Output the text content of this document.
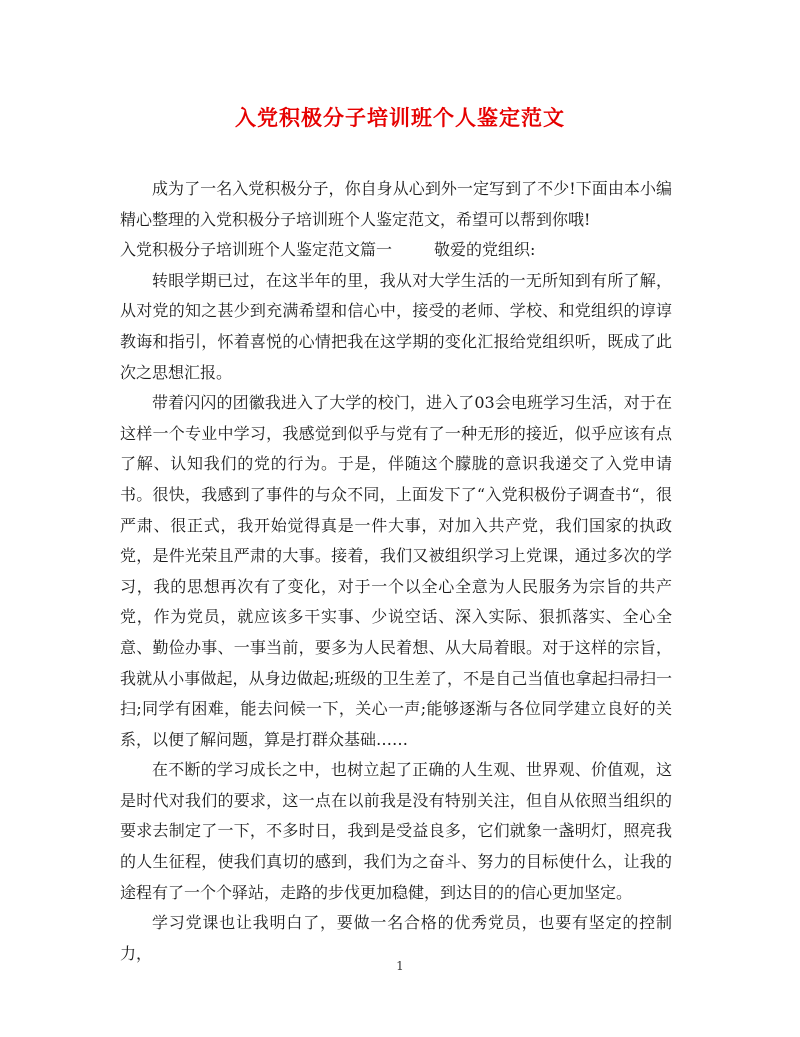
入党积极分子培训班个人鉴定范文

成为了一名入党积极分子，你自身从心到外一定写到了不少!下面由本小编精心整理的入党积极分子培训班个人鉴定范文，希望可以帮到你哦!

入党积极分子培训班个人鉴定范文篇一	敬爱的党组织:

转眼学期已过，在这半年的里，我从对大学生活的一无所知到有所了解，从对党的知之甚少到充满希望和信心中，接受的老师、学校、和党组织的谆谆教诲和指引，怀着喜悦的心情把我在这学期的变化汇报给党组织听，既成了此次之思想汇报。

带着闪闪的团徽我进入了大学的校门，进入了03会电班学习生活，对于在这样一个专业中学习，我感觉到似乎与党有了一种无形的接近，似乎应该有点了解、认知我们的党的行为。于是，伴随这个朦胧的意识我递交了入党申请书。很快，我感到了事件的与众不同，上面发下了“入党积极份子调查书“，很严肃、很正式，我开始觉得真是一件大事，对加入共产党，我们国家的执政党，是件光荣且严肃的大事。接着，我们又被组织学习上党课，通过多次的学习，我的思想再次有了变化，对于一个以全心全意为人民服务为宗旨的共产党，作为党员，就应该多干实事、少说空话、深入实际、狠抓落实、全心全意、勤俭办事、一事当前，要多为人民着想、从大局着眼。对于这样的宗旨，我就从小事做起，从身边做起;班级的卫生差了，不是自己当值也拿起扫帚扫一扫;同学有困难，能去问候一下，关心一声;能够逐渐与各位同学建立良好的关系，以便了解问题，算是打群众基础……

在不断的学习成长之中，也树立起了正确的人生观、世界观、价值观，这是时代对我们的要求，这一点在以前我是没有特别关注，但自从依照当组织的要求去制定了一下，不多时日，我到是受益良多，它们就象一盏明灯，照亮我的人生征程，使我们真切的感到，我们为之奋斗、努力的目标使什么，让我的途程有了一个个驿站，走路的步伐更加稳健，到达目的的信心更加坚定。

学习党课也让我明白了，要做一名合格的优秀党员，也要有坚定的控制力，

1
